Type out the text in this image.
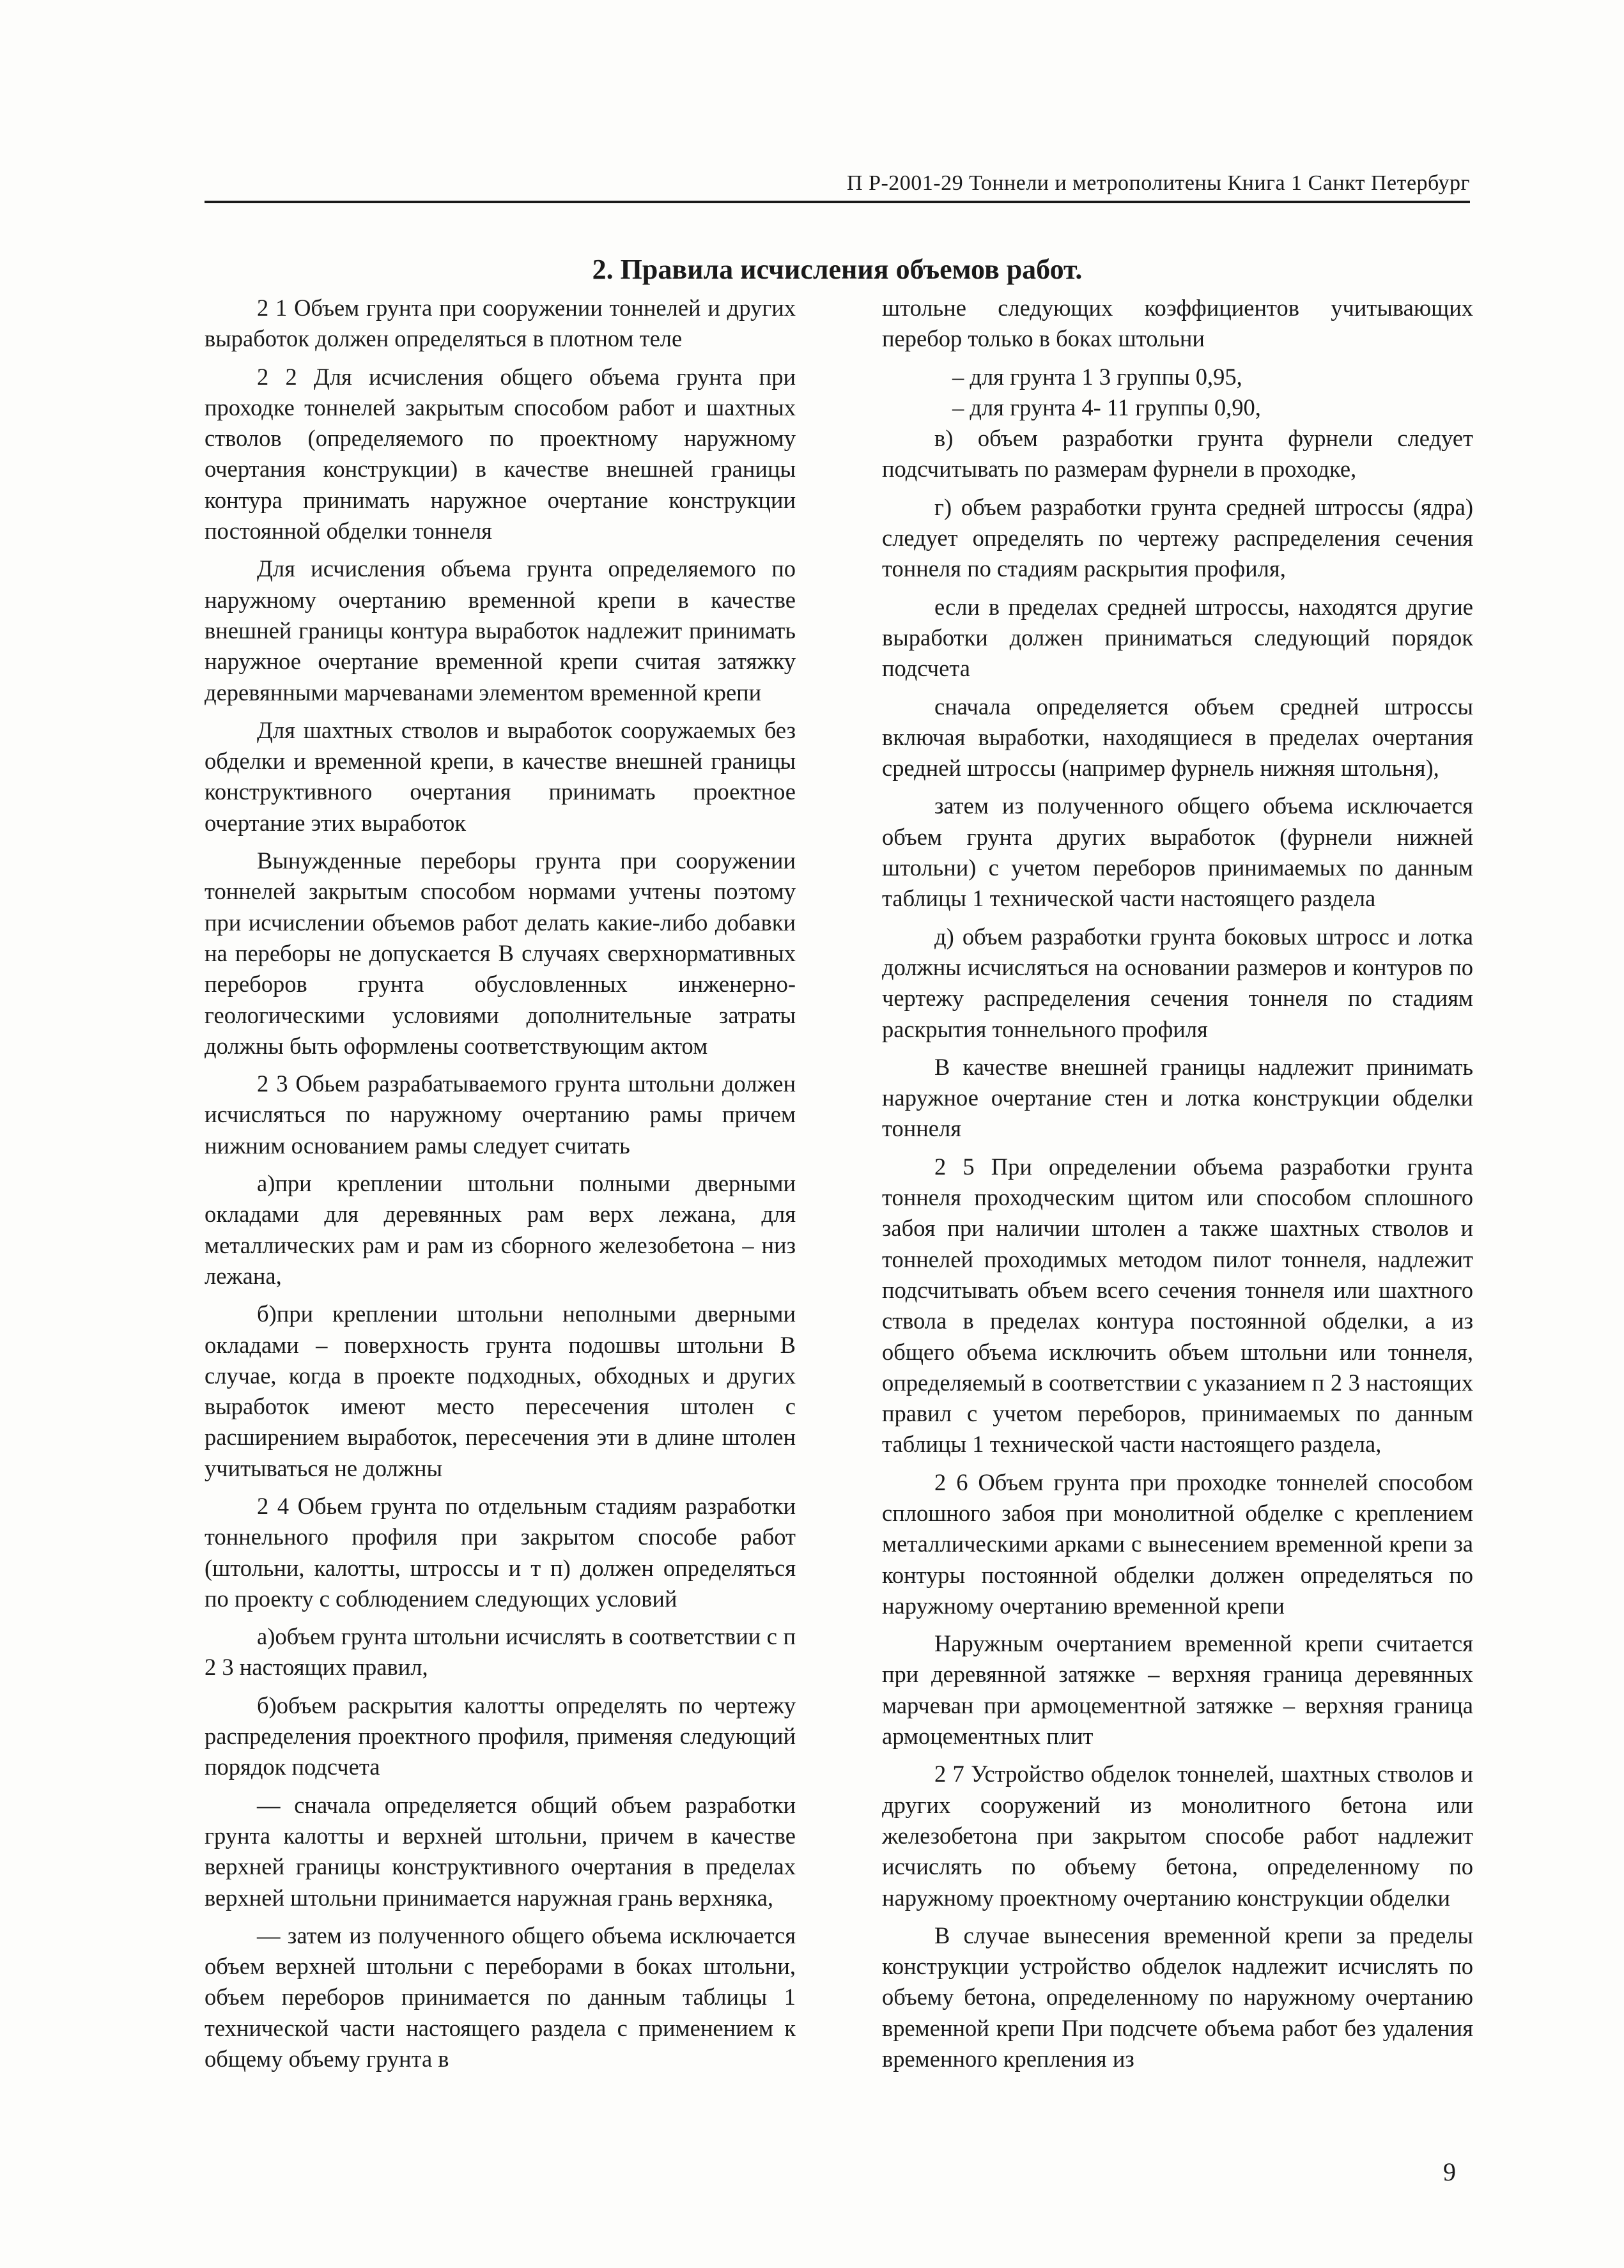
П Р-2001-29 Тоннели и метрополитены Книга 1 Санкт Петербург
2. Правила исчисления объемов работ.

2 1 Объем грунта при сооружении тоннелей и других выработок должен определяться в плотном теле

2 2 Для исчисления общего объема грунта при проходке тоннелей закрытым способом работ и шахтных стволов (определяемого по проектному наружному очертания конструкции) в качестве внешней границы контура принимать наружное очертание конструкции постоянной обделки тоннеля

Для исчисления объема грунта определяемого по наружному очертанию временной крепи в качестве внешней границы контура выработок надлежит принимать наружное очертание временной крепи считая затяжку деревянными марчеванами элементом временной крепи

Для шахтных стволов и выработок сооружаемых без обделки и временной крепи, в качестве внешней границы конструктивного очертания принимать проектное очертание этих выработок

Вынужденные переборы грунта при сооружении тоннелей закрытым способом нормами учтены поэтому при исчислении объемов работ делать какие-либо добавки на переборы не допускается В случаях сверхнормативных переборов грунта обусловленных инженерно-геологическими условиями дополнительные затраты должны быть оформлены соответствующим актом

2 3 Обьем разрабатываемого грунта штольни должен исчисляться по наружному очертанию рамы причем нижним основанием рамы следует считать

а)при креплении штольни полными дверными окладами для деревянных рам верх лежана, для металлических рам и рам из сборного железобетона – низ лежана,

б)при креплении штольни неполными дверными окладами – поверхность грунта подошвы штольни В случае, когда в проекте подходных, обходных и других выработок имеют место пересечения штолен с расширением выработок, пересечения эти в длине штолен учитываться не должны

2 4 Обьем грунта по отдельным стадиям разработки тоннельного профиля при закрытом способе работ (штольни, калотты, штроссы и т п) должен определяться по проекту с соблюдением следующих условий

а)объем грунта штольни исчислять в соответствии с п 2 3 настоящих правил,

б)объем раскрытия калотты определять по чертежу распределения проектного профиля, применяя следующий порядок подсчета

— сначала определяется общий объем разработки грунта калотты и верхней штольни, причем в качестве верхней границы конструктивного очертания в пределах верхней штольни принимается наружная грань верхняка,

— затем из полученного общего объема исключается объем верхней штольни с переборами в боках штольни, объем переборов принимается по данным таблицы 1 технической части настоящего раздела с применением к общему объему грунта в

штольне следующих коэффициентов учитывающих перебор только в боках штольни

– для грунта 1 3 группы 0,95,

– для грунта 4- 11 группы 0,90,

в) объем разработки грунта фурнели следует подсчитывать по размерам фурнели в проходке,

г) объем разработки грунта средней штроссы (ядра) следует определять по чертежу распределения сечения тоннеля по стадиям раскрытия профиля,

если в пределах средней штроссы, находятся другие выработки должен приниматься следующий порядок подсчета

сначала определяется объем средней штроссы включая выработки, находящиеся в пределах очертания средней штроссы (например фурнель нижняя штольня),

затем из полученного общего объема исключается объем грунта других выработок (фурнели нижней штольни) с учетом переборов принимаемых по данным таблицы 1 технической части настоящего раздела

д) объем разработки грунта боковых штросс и лотка должны исчисляться на основании размеров и контуров по чертежу распределения сечения тоннеля по стадиям раскрытия тоннельного профиля

В качестве внешней границы надлежит принимать наружное очертание стен и лотка конструкции обделки тоннеля

2 5 При определении объема разработки грунта тоннеля проходческим щитом или способом сплошного забоя при наличии штолен а также шахтных стволов и тоннелей проходимых методом пилот тоннеля, надлежит подсчитывать объем всего сечения тоннеля или шахтного ствола в пределах контура постоянной обделки, а из общего объема исключить объем штольни или тоннеля, определяемый в соответствии с указанием п 2 3 настоящих правил с учетом переборов, принимаемых по данным таблицы 1 технической части настоящего раздела,

2 6 Объем грунта при проходке тоннелей способом сплошного забоя при монолитной обделке с креплением металлическими арками с вынесением временной крепи за контуры постоянной обделки должен определяться по наружному очертанию временной крепи

Наружным очертанием временной крепи считается при деревянной затяжке – верхняя граница деревянных марчеван при армоцементной затяжке – верхняя граница армоцементных плит

2 7 Устройство обделок тоннелей, шахтных стволов и других сооружений из монолитного бетона или железобетона при закрытом способе работ надлежит исчислять по объему бетона, определенному по наружному проектному очертанию конструкции обделки

В случае вынесения временной крепи за пределы конструкции устройство обделок надлежит исчислять по объему бетона, определенному по наружному очертанию временной крепи При подсчете объема работ без удаления временного крепления из

9
